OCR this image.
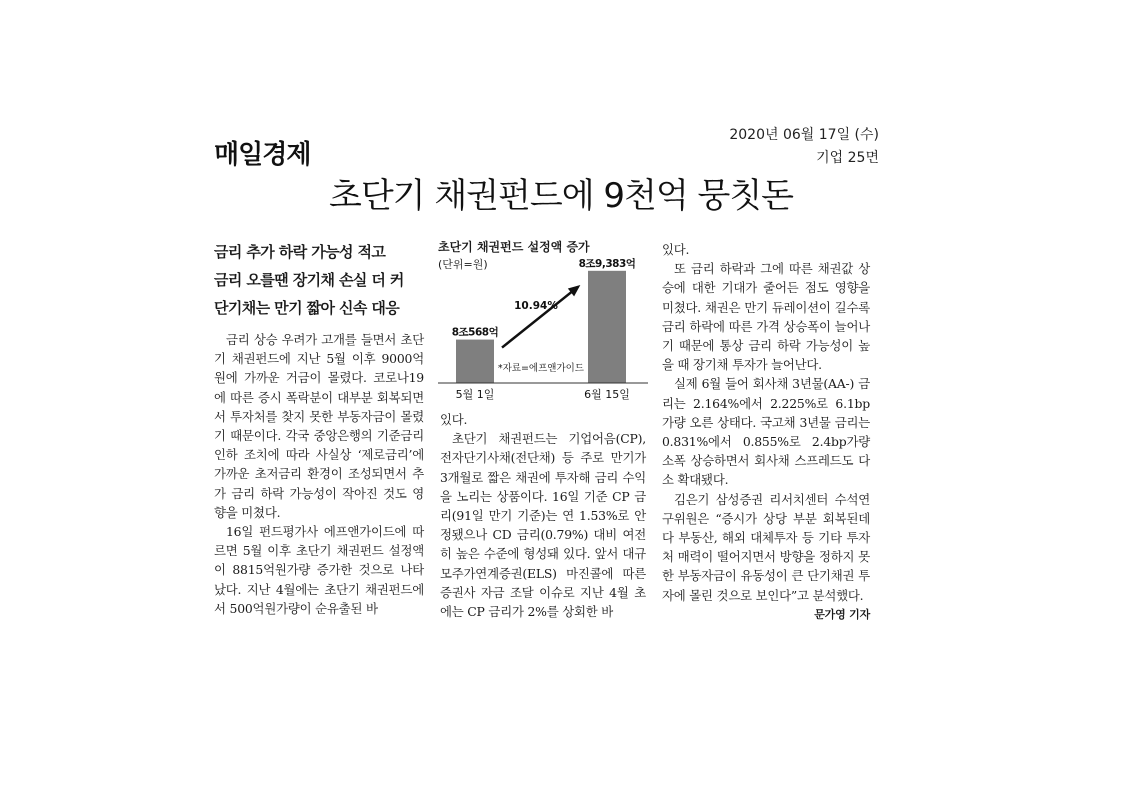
매일경제
2020년 06월 17일 (수)
기업 25면
초단기 채권펀드에 9천억 뭉칫돈
금리 추가 하락 가능성 적고
금리 오를땐 장기채 손실 더 커
단기채는 만기 짧아 신속 대응
초단기 채권펀드 설정액 증가
(단위=원)
8조568억
5월 1일
8조9,383억
6월 15일
10.94%
*자료=에프앤가이드

금리 상승 우려가 고개를 들면서 초단기 채권펀드에 지난 5월 이후 9000억원에 가까운 거금이 몰렸다. 코로나19에 따른 증시 폭락분이 대부분 회복되면서 투자처를 찾지 못한 부동자금이 몰렸기 때문이다. 각국 중앙은행의 기준금리 인하 조치에 따라 사실상 ‘제로금리’에 가까운 초저금리 환경이 조성되면서 추가 금리 하락 가능성이 작아진 것도 영향을 미쳤다.

16일 펀드평가사 에프앤가이드에 따르면 5월 이후 초단기 채권펀드 설정액이 8815억원가량 증가한 것으로 나타났다. 지난 4월에는 초단기 채권펀드에서 500억원가량이 순유출된 바

있다.

초단기 채권펀드는 기업어음(CP), 전자단기사채(전단채) 등 주로 만기가 3개월로 짧은 채권에 투자해 금리 수익을 노리는 상품이다. 16일 기준 CP 금리(91일 만기 기준)는 연 1.53%로 안정됐으나 CD 금리(0.79%) 대비 여전히 높은 수준에 형성돼 있다. 앞서 대규모주가연계증권(ELS) 마진콜에 따른 증권사 자금 조달 이슈로 지난 4월 초에는 CP 금리가 2%를 상회한 바

있다.

또 금리 하락과 그에 따른 채권값 상승에 대한 기대가 줄어든 점도 영향을 미쳤다. 채권은 만기 듀레이션이 길수록 금리 하락에 따른 가격 상승폭이 늘어나기 때문에 통상 금리 하락 가능성이 높을 때 장기채 투자가 늘어난다.

실제 6월 들어 회사채 3년물(AA-) 금리는 2.164%에서 2.225%로 6.1bp 가량 오른 상태다. 국고채 3년물 금리는 0.831%에서 0.855%로 2.4bp가량 소폭 상승하면서 회사채 스프레드도 다소 확대됐다.

김은기 삼성증권 리서치센터 수석연구위원은 “증시가 상당 부분 회복된데다 부동산, 해외 대체투자 등 기타 투자처 매력이 떨어지면서 방향을 정하지 못한 부동자금이 유동성이 큰 단기채권 투자에 몰린 것으로 보인다”고 분석했다.
문가영 기자
